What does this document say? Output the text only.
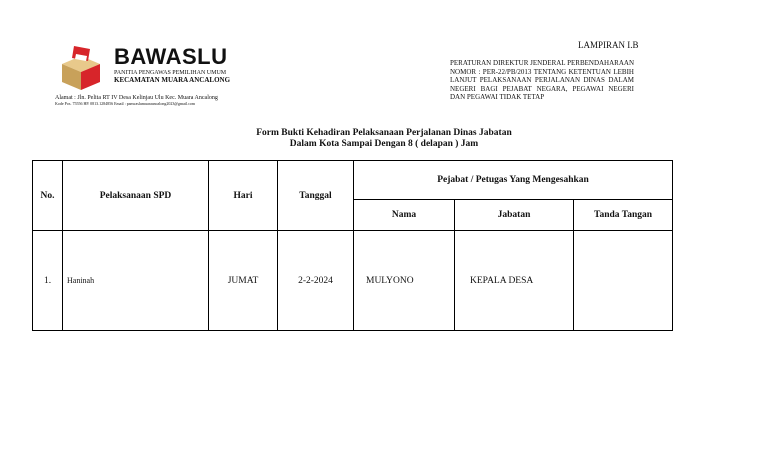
BAWASLU
PANITIA PENGAWAS PEMILIHAN UMUM
KECAMATAN MUARA ANCALONG
Alamat : Jln. Pelita RT IV Desa Kelinjau Ulu Kec. Muara Ancalong
Kode Pos. 75556 HP. 0813.1284856 Email : panwaslumuaraancalong2023@gmail.com
LAMPIRAN I.B
PERATURAN DIREKTUR JENDERAL PERBENDAHARAAN NOMOR : PER-22/PB/2013 TENTANG KETENTUAN LEBIH LANJUT PELAKSANAAN PERJALANAN DINAS DALAM NEGERI BAGI PEJABAT NEGARA, PEGAWAI NEGERI DAN PEGAWAI TIDAK TETAP
Form Bukti Kehadiran Pelaksanaan Perjalanan Dinas Jabatan
Dalam Kota Sampai Dengan 8 ( delapan ) Jam
No.	Pelaksanaan SPD	Hari	Tanggal	Pejabat / Petugas Yang Mengesahkan		
				Nama	Jabatan	Tanda Tangan
1.	Haninah	JUMAT	2-2-2024	MULYONO	KEPALA DESA	
